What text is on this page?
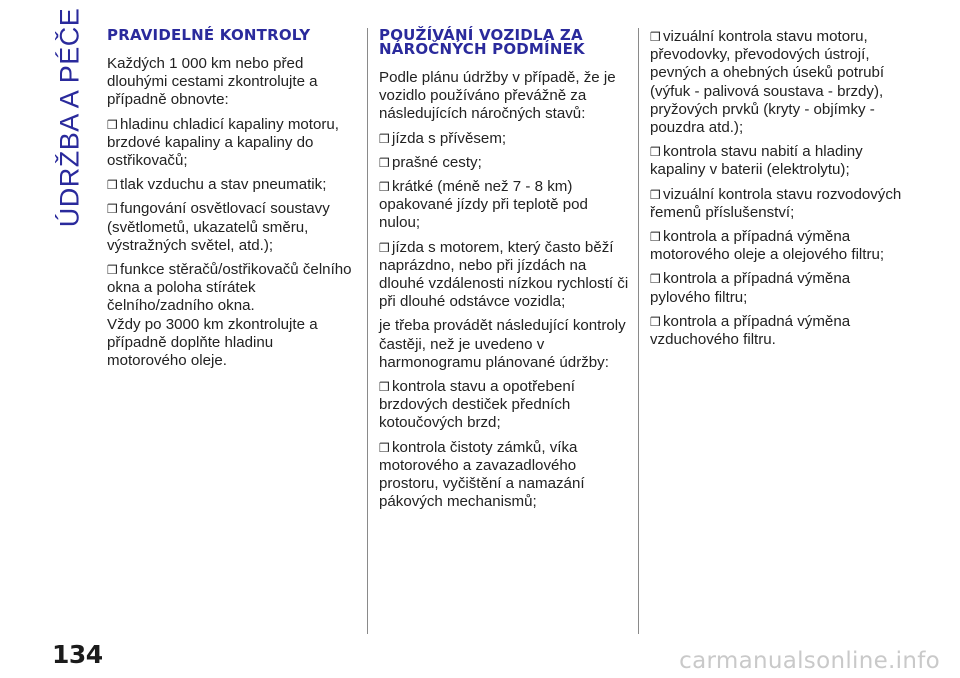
ÚDRŽBA A PÉČE PRAVIDELNÉ KONTROLY
Každých 1 000 km nebo před dlouhými cestami zkontrolujte a případně obnovte:
❒ hladinu chladicí kapaliny motoru, brzdové kapaliny a kapaliny do ostřikovačů;
❒ tlak vzduchu a stav pneumatik;
❒ fungování osvětlovací soustavy (světlometů, ukazatelů směru, výstražných světel, atd.);
❒ funkce stěračů/ostřikovačů čelního okna a poloha stírátek čelního/zadního okna.
Vždy po 3000 km zkontrolujte a případně doplňte hladinu motorového oleje.
POUŽÍVÁNÍ VOZIDLA ZA
NÁROČNÝCH PODMÍNEK
Podle plánu údržby v případě, že je vozidlo používáno převážně za následujících náročných stavů:
❒ jízda s přívěsem;
❒ prašné cesty;
❒ krátké (méně než 7 - 8 km) opakované jízdy při teplotě pod nulou;
❒ jízda s motorem, který často běží naprázdno, nebo při jízdách na dlouhé vzdálenosti nízkou rychlostí či při dlouhé odstávce vozidla;
je třeba provádět následující kontroly častěji, než je uvedeno v harmonogramu plánované údržby:
❒ kontrola stavu a opotřebení brzdových destiček předních kotoučových brzd;
❒ kontrola čistoty zámků, víka motorového a zavazadlového prostoru, vyčištění a namazání pákových mechanismů;
❒ vizuální kontrola stavu motoru, převodovky, převodových ústrojí, pevných a ohebných úseků potrubí (výfuk - palivová soustava - brzdy), pryžových prvků (kryty - objímky - pouzdra atd.);
❒ kontrola stavu nabití a hladiny kapaliny v baterii (elektrolytu);
❒ vizuální kontrola stavu rozvodových řemenů příslušenství;
❒ kontrola a případná výměna motorového oleje a olejového filtru;
❒ kontrola a případná výměna pylového filtru;
❒ kontrola a případná výměna vzduchového filtru.
134	carmanualsonline.info
